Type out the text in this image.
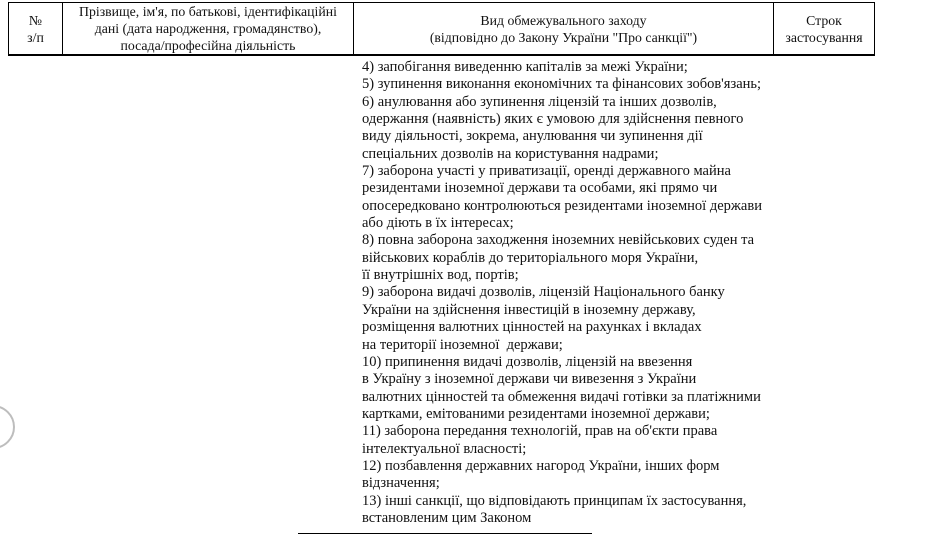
№
з/п
Прізвище, ім'я, по батькові, ідентифікаційні
дані (дата народження, громадянство),
посада/професійна діяльність
Вид обмежувального заходу
(відповідно до Закону України "Про санкції")
Строк
застосування
4) запобігання виведенню капіталів за межі України;
5) зупинення виконання економічних та фінансових зобов'язань;
6) анулювання або зупинення ліцензій та інших дозволів,
одержання (наявність) яких є умовою для здійснення певного
виду діяльності, зокрема, анулювання чи зупинення дії
спеціальних дозволів на користування надрами;
7) заборона участі у приватизації, оренді державного майна
резидентами іноземної держави та особами, які прямо чи
опосередковано контролюються резидентами іноземної держави
або діють в їх інтересах;
8) повна заборона заходження іноземних невійськових суден та
військових кораблів до територіального моря України,
її внутрішніх вод, портів;
9) заборона видачі дозволів, ліцензій Національного банку
України на здійснення інвестицій в іноземну державу,
розміщення валютних цінностей на рахунках і вкладах
на території іноземної  держави;
10) припинення видачі дозволів, ліцензій на ввезення
в Україну з іноземної держави чи вивезення з України
валютних цінностей та обмеження видачі готівки за платіжними
картками, емітованими резидентами іноземної держави;
11) заборона передання технологій, прав на об'єкти права
інтелектуальної власності;
12) позбавлення державних нагород України, інших форм
відзначення;
13) інші санкції, що відповідають принципам їх застосування,
встановленим цим Законом
